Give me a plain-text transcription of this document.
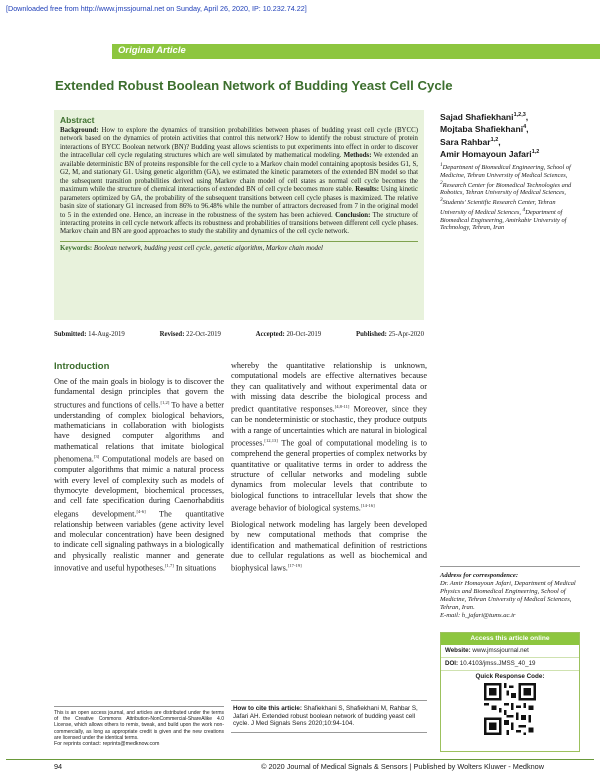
[Downloaded free from http://www.jmssjournal.net on Sunday, April 26, 2020, IP: 10.232.74.22]
Original Article
Extended Robust Boolean Network of Budding Yeast Cell Cycle
Abstract

Background: How to explore the dynamics of transition probabilities between phases of budding yeast cell cycle (BYCC) network based on the dynamics of protein activities that control this network? How to identify the robust structure of protein interactions of BYCC Boolean network (BN)? Budding yeast allows scientists to put experiments into effect in order to discover the intracellular cell cycle regulating structures which are well simulated by mathematical modeling. Methods: We extended an available deterministic BN of proteins responsible for the cell cycle to a Markov chain model containing apoptosis besides G1, S, G2, M, and stationary G1. Using genetic algorithm (GA), we estimated the kinetic parameters of the extended BN model so that the subsequent transition probabilities derived using Markov chain model of cell states as normal cell cycle becomes the maximum while the structure of chemical interactions of extended BN of cell cycle becomes more stable. Results: Using kinetic parameters optimized by GA, the probability of the subsequent transitions between cell cycle phases is maximized. The relative basin size of stationary G1 increased from 86% to 96.48% while the number of attractors decreased from 7 in the original model to 5 in the extended one. Hence, an increase in the robustness of the system has been achieved. Conclusion: The structure of interacting proteins in cell cycle network affects its robustness and probabilities of transitions between different cell cycle phases. Markov chain and BN are good approaches to study the stability and dynamics of the cell cycle network.

Keywords: Boolean network, budding yeast cell cycle, genetic algorithm, Markov chain model

Sajad Shafiekhani$^{1,2,3}$,
Mojtaba Shafiekhani$^4$,
Sara Rahbar$^{1,2}$,
Amir Homayoun Jafari$^{1,2}$

$^1$Department of Biomedical Engineering, School of Medicine, Tehran University of Medical Sciences, $^2$Research Center for Biomedical Technologies and Robotics, Tehran University of Medical Sciences, $^3$Students' Scientific Research Center, Tehran University of Medical Sciences, $^4$Department of Biomedical Engineering, Amirkabir University of Technology, Tehran, Iran

Submitted: 14-Aug-2019	Revised: 22-Oct-2019	Accepted: 20-Oct-2019	Published: 25-Apr-2020
Introduction

One of the main goals in biology is to discover the fundamental design principles that govern the structures and functions of cells.[1,2] To have a better understanding of complex biological behaviors, mathematicians in collaboration with biologists have designed computer algorithms and mathematical relations that imitate biological phenomena.[3] Computational models are based on computer algorithms that mimic a natural process with every level of complexity such as models of thymocyte development, biochemical processes, and cell fate specification during Caenorhabditis elegans development.[4-6] The quantitative relationship between variables (gene activity level and molecular concentration) have been designed to indicate cell signaling pathways in a biologically and physically realistic manner and generate innovative and useful hypotheses.[1,7] In situations

whereby the quantitative relationship is unknown, computational models are effective alternatives because they can qualitatively and without experimental data or with missing data describe the biological process and predict quantitative responses.[4,8-11] Moreover, since they can be nondeterministic or stochastic, they produce outputs with a range of uncertainties which are natural in biological processes.[12,13] The goal of computational modeling is to comprehend the general properties of complex networks by quantitative or qualitative terms in order to address the structure of cellular networks and modeling subtle dynamics from molecular levels that contribute to biological functions to intracellular levels that show the average behavior of biological systems.[14-16]

Biological network modeling has largely been developed by new computational methods that comprise the identification and mathematical definition of restrictions due to cellular regulations as well as biochemical and biophysical laws.[17-19]

This is an open access journal, and articles are distributed under the terms of the Creative Commons Attribution-NonCommercial-ShareAlike 4.0 License, which allows others to remix, tweak, and build upon the work non-commercially, as long as appropriate credit is given and the new creations are licensed under the identical terms.

For reprints contact: reprints@medknow.com
How to cite this article: Shafiekhani S, Shafiekhani M, Rahbar S, Jafari AH. Extended robust boolean network of budding yeast cell cycle. J Med Signals Sens 2020;10:94-104.
Address for correspondence:
Dr. Amir Homayoun Jafari, Department of Medical Physics and Biomedical Engineering, School of Medicine, Tehran University of Medical Sciences, Tehran, Iran.
E-mail: h_jafari@tums.ac.ir
Access this article online
Website: www.jmssjournal.net
DOI: 10.4103/jmss.JMSS_40_19
Quick Response Code:
94	© 2020 Journal of Medical Signals & Sensors | Published by Wolters Kluwer - Medknow
